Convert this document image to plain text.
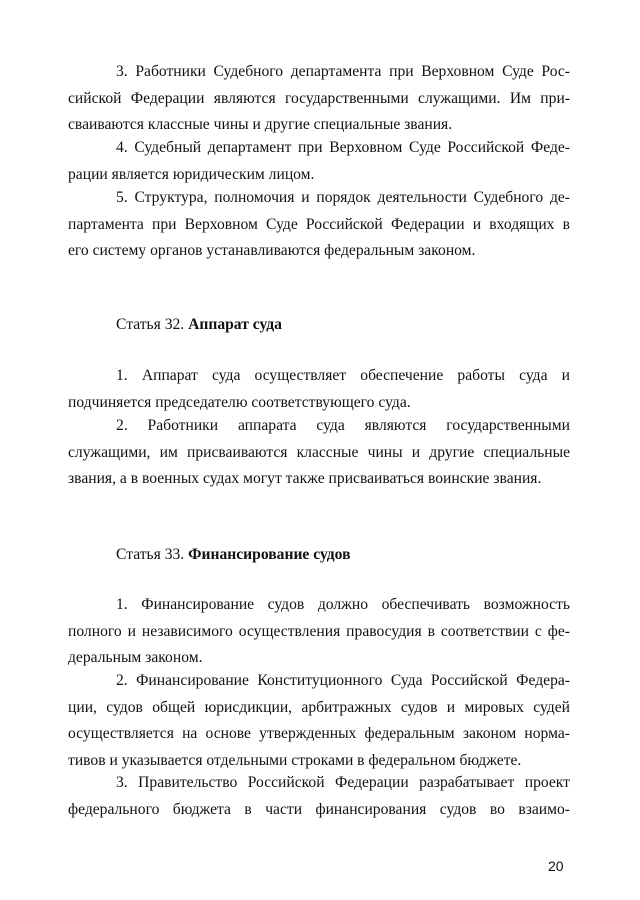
3. Работники Судебного департамента при Верховном Суде Рос-
сийской Федерации являются государственными служащими. Им при-
сваиваются классные чины и другие специальные звания.
4. Судебный департамент при Верховном Суде Российской Феде-
рации является юридическим лицом.
5. Структура, полномочия и порядок деятельности Судебного де-
партамента при Верховном Суде Российской Федерации и входящих в
его систему органов устанавливаются федеральным законом.
Статья 32. Аппарат суда
1. Аппарат суда осуществляет обеспечение работы суда и
подчиняется председателю соответствующего суда.
2. Работники аппарата суда являются государственными
служащими, им присваиваются классные чины и другие специальные
звания, а в военных судах могут также присваиваться воинские звания.
Статья 33. Финансирование судов
1. Финансирование судов должно обеспечивать возможность
полного и независимого осуществления правосудия в соответствии с фе-
деральным законом.
2. Финансирование Конституционного Суда Российской Федера-
ции, судов общей юрисдикции, арбитражных судов и мировых судей
осуществляется на основе утвержденных федеральным законом норма-
тивов и указывается отдельными строками в федеральном бюджете.
3. Правительство Российской Федерации разрабатывает проект
федерального бюджета в части финансирования судов во взаимо-
20
